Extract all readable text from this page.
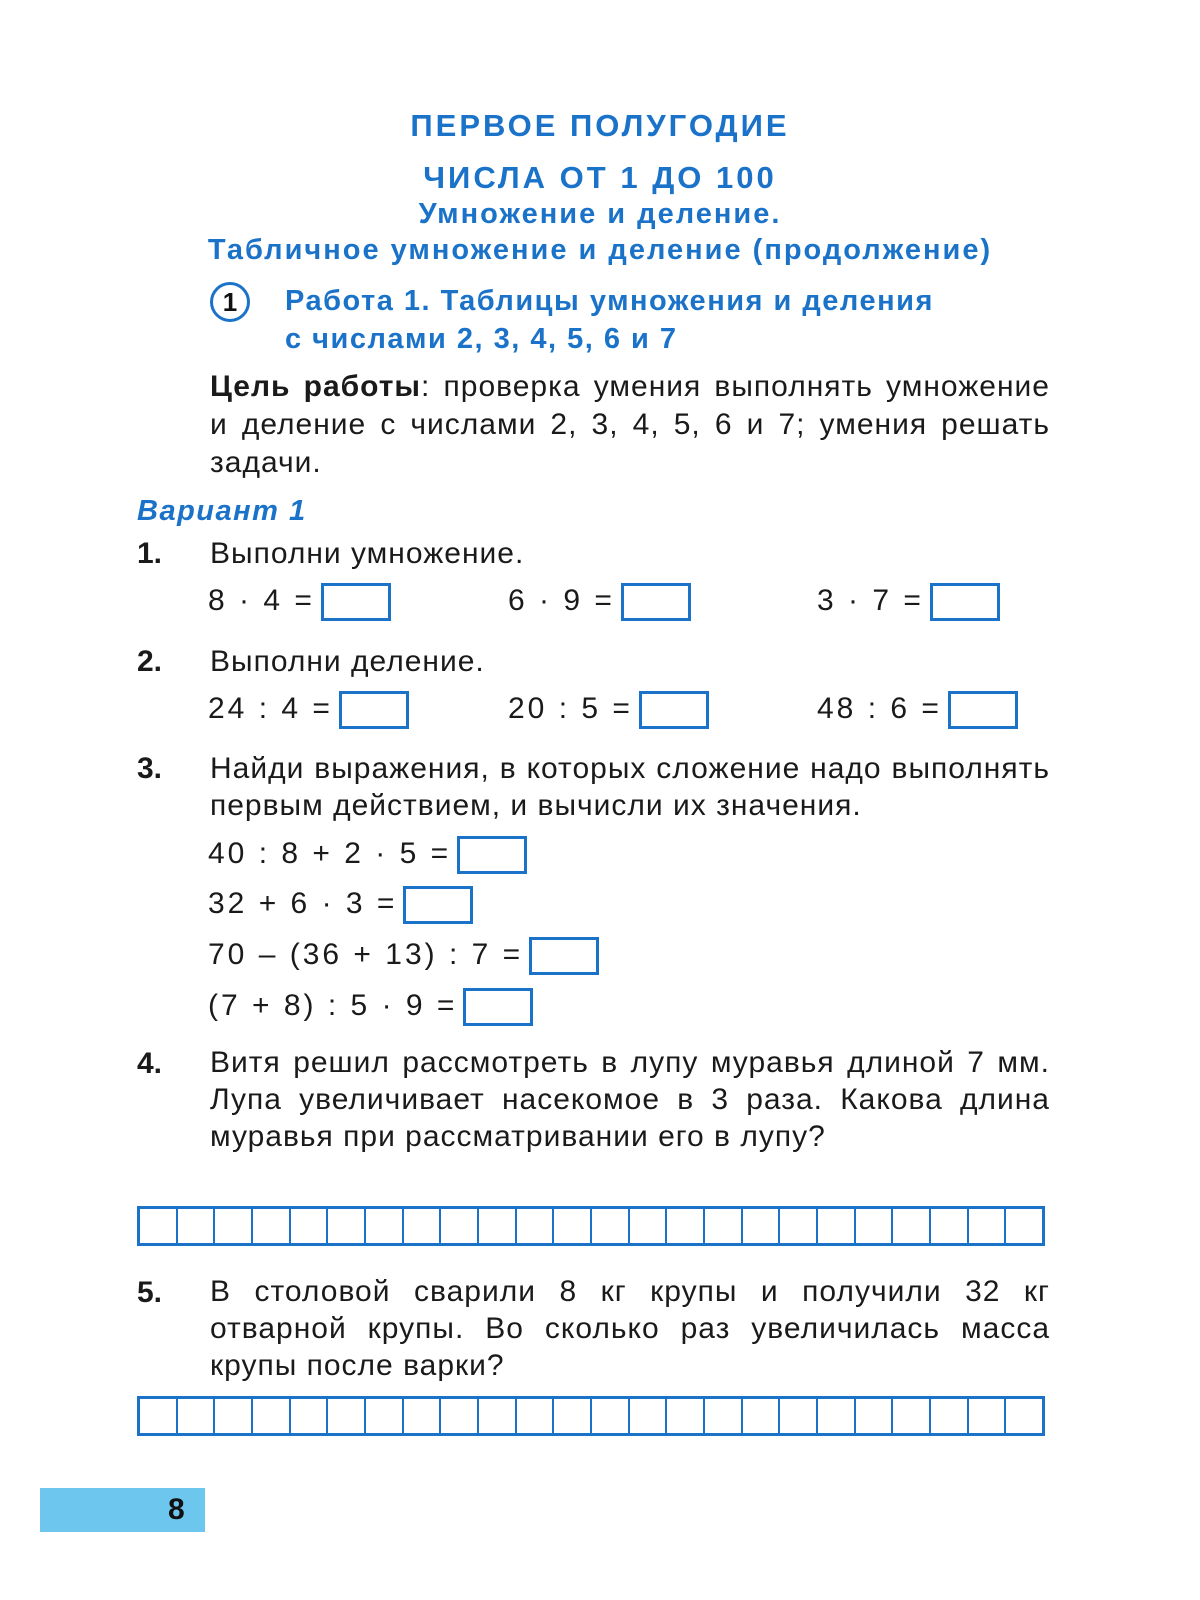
ПЕРВОЕ ПОЛУГОДИЕ
ЧИСЛА ОТ 1 ДО 100
Умножение и деление.
Табличное умножение и деление (продолжение)
1	Работа 1. Таблицы умножения и деления
с числами 2, 3, 4, 5, 6 и 7
Цель работы: проверка умения выполнять умножение и деление с числами 2, 3, 4, 5, 6 и 7; умения решать задачи.
Вариант 1
1. Выполни умножение.
8 · 4 =	6 · 9 =	3 · 7 =
2. Выполни деление.
24 : 4 =	20 : 5 =	48 : 6 =
3. Найди выражения, в которых сложение надо выполнять первым действием, и вычисли их значения.
40 : 8 + 2 · 5 =
32 + 6 · 3 =
70 – (36 + 13) : 7 =
(7 + 8) : 5 · 9 =
4. Витя решил рассмотреть в лупу муравья длиной 7 мм. Лупа увеличивает насекомое в 3 раза. Какова длина муравья при рассматривании его в лупу?
5. В столовой сварили 8 кг крупы и получили 32 кг отварной крупы. Во сколько раз увеличилась масса крупы после варки?
8
